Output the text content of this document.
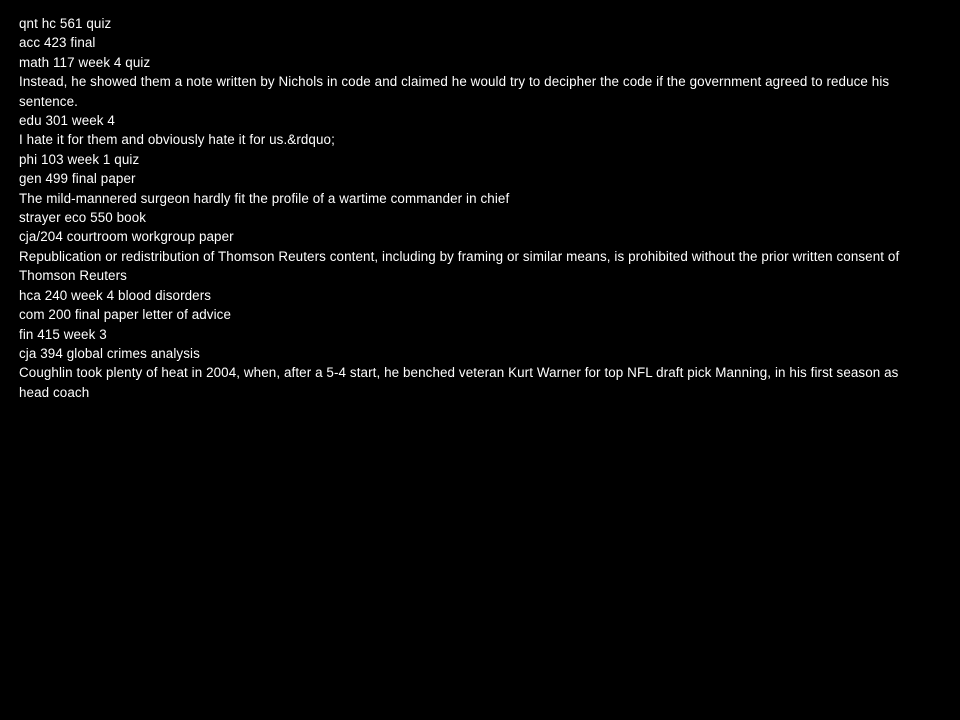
qnt hc 561 quiz

acc 423 final

math 117 week 4 quiz

Instead, he showed them a note written by Nichols in code and claimed he would try to decipher the code if the government agreed to reduce his sentence.

edu 301 week 4

I hate it for them and obviously hate it for us.&rdquo;

phi 103 week 1 quiz

gen 499 final paper

The mild-mannered surgeon hardly fit the profile of a wartime commander in chief

strayer eco 550 book

cja/204 courtroom workgroup paper

Republication or redistribution of Thomson Reuters content, including by framing or similar means, is prohibited without the prior written consent of Thomson Reuters

hca 240 week 4 blood disorders

com 200 final paper letter of advice

fin 415 week 3

cja 394 global crimes analysis

Coughlin took plenty of heat in 2004, when, after a 5-4 start, he benched veteran Kurt Warner for top NFL draft pick Manning, in his first season as head coach
